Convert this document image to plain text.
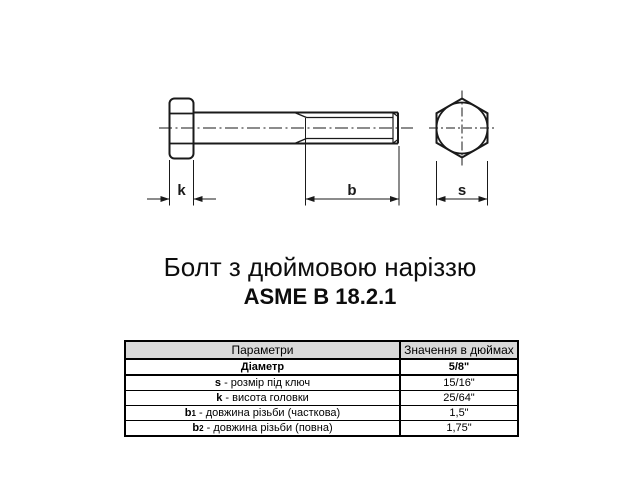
k	b	s
Болт з дюймовою наріззю
ASME B 18.2.1
Параметри	Значення в дюймах
Діаметр	5/8"
s - розмір під ключ	15/16"
k - висота головки	25/64"
b1 - довжина різьби (часткова)	1,5"
b2 - довжина різьби (повна)	1,75"
